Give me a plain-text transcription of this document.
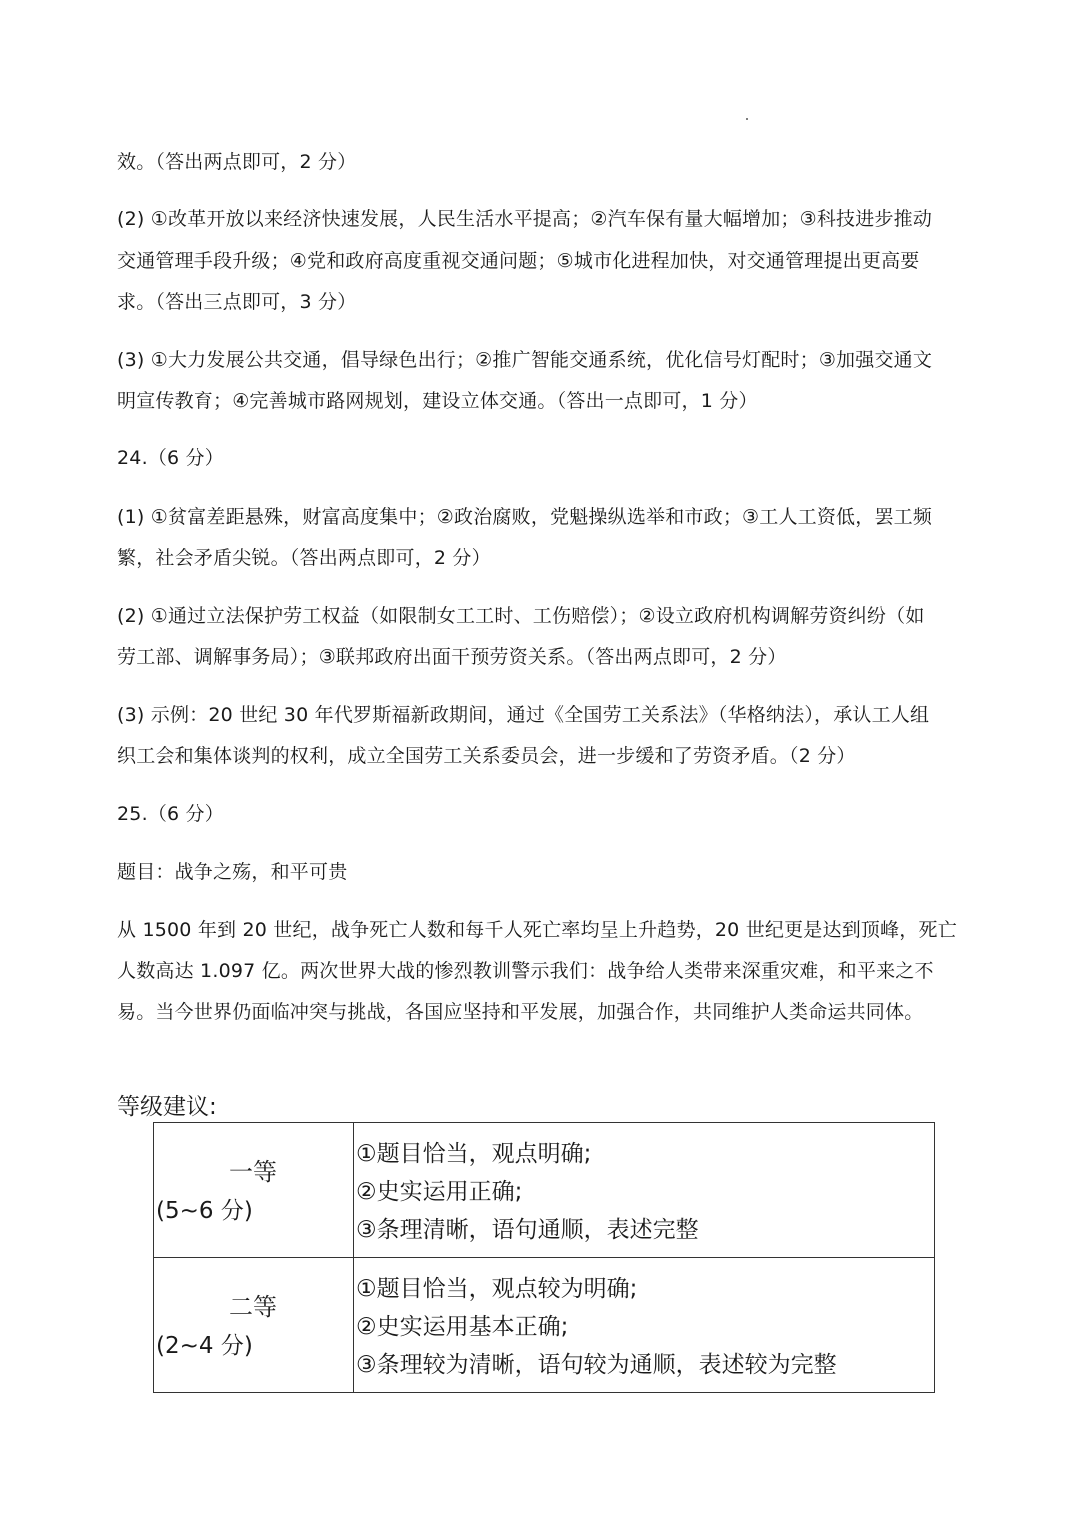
效。（答出两点即可，2 分）
(2) ①改革开放以来经济快速发展，人民生活水平提高；②汽车保有量大幅增加；③科技进步推动
交通管理手段升级；④党和政府高度重视交通问题；⑤城市化进程加快，对交通管理提出更高要
求。（答出三点即可，3 分）
(3) ①大力发展公共交通，倡导绿色出行；②推广智能交通系统，优化信号灯配时；③加强交通文
明宣传教育；④完善城市路网规划，建设立体交通。（答出一点即可，1 分）
24.（6 分）
(1) ①贫富差距悬殊，财富高度集中；②政治腐败，党魁操纵选举和市政；③工人工资低，罢工频
繁，社会矛盾尖锐。（答出两点即可，2 分）
(2) ①通过立法保护劳工权益（如限制女工工时、工伤赔偿）；②设立政府机构调解劳资纠纷（如
劳工部、调解事务局）；③联邦政府出面干预劳资关系。（答出两点即可，2 分）
(3) 示例：20 世纪 30 年代罗斯福新政期间，通过《全国劳工关系法》（华格纳法），承认工人组
织工会和集体谈判的权利，成立全国劳工关系委员会，进一步缓和了劳资矛盾。（2 分）
25.（6 分）
题目：战争之殇，和平可贵
从 1500 年到 20 世纪，战争死亡人数和每千人死亡率均呈上升趋势，20 世纪更是达到顶峰，死亡
人数高达 1.097 亿。两次世界大战的惨烈教训警示我们：战争给人类带来深重灾难，和平来之不
易。当今世界仍面临冲突与挑战，各国应坚持和平发展，加强合作，共同维护人类命运共同体。
等级建议:
一等
(5~6 分)	①题目恰当，观点明确;
②史实运用正确;
③条理清晰，语句通顺，表述完整

二等
(2~4 分)	①题目恰当，观点较为明确;
②史实运用基本正确;
③条理较为清晰，语句较为通顺，表述较为完整
